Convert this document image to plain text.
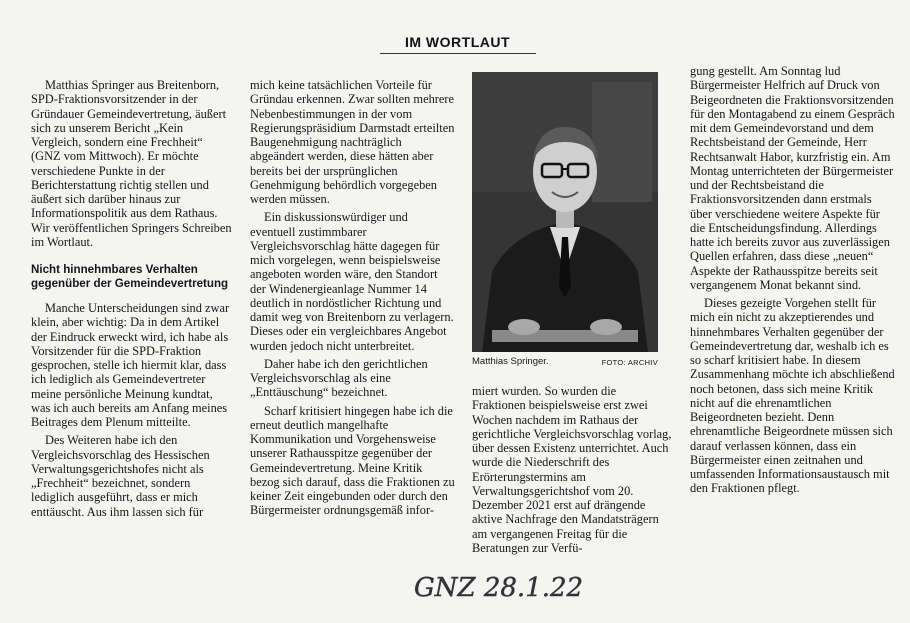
IM WORTLAUT

Matthias Springer aus Breitenborn, SPD-Fraktionsvorsitzender in der Gründauer Gemeindevertretung, äußert sich zu unserem Bericht „Kein Vergleich, sondern eine Frechheit“ (GNZ vom Mittwoch). Er möchte verschiedene Punkte in der Berichterstattung richtig stellen und äußert sich darüber hinaus zur Informationspolitik aus dem Rathaus. Wir veröffentlichen Springers Schreiben im Wortlaut.

Nicht hinnehmbares Verhalten gegenüber der Gemeindevertretung

Manche Unterscheidungen sind zwar klein, aber wichtig: Da in dem Artikel der Eindruck erweckt wird, ich habe als Vorsitzender für die SPD-Fraktion gesprochen, stelle ich hiermit klar, dass ich lediglich als Gemeindevertreter meine persönliche Meinung kundtat, was ich auch bereits am Anfang meines Beitrages dem Plenum mitteilte.

Des Weiteren habe ich den Vergleichsvorschlag des Hessischen Verwaltungsgerichtshofes nicht als „Frechheit“ bezeichnet, sondern lediglich ausgeführt, dass er mich enttäuscht. Aus ihm lassen sich für

mich keine tatsächlichen Vorteile für Gründau erkennen. Zwar sollten mehrere Nebenbestimmungen in der vom Regierungspräsidium Darmstadt erteilten Baugenehmigung nachträglich abgeändert werden, diese hätten aber bereits bei der ursprünglichen Genehmigung behördlich vorgegeben werden müssen.

Ein diskussionswürdiger und eventuell zustimmbarer Vergleichsvorschlag hätte dagegen für mich vorgelegen, wenn beispielsweise angeboten worden wäre, den Standort der Windenergieanlage Nummer 14 deutlich in nordöstlicher Richtung und damit weg von Breitenborn zu verlagern. Dieses oder ein vergleichbares Angebot wurden jedoch nicht unterbreitet.

Daher habe ich den gerichtlichen Vergleichsvorschlag als eine „Enttäuschung“ bezeichnet.

Scharf kritisiert hingegen habe ich die erneut deutlich mangelhafte Kommunikation und Vorgehensweise unserer Rathausspitze gegenüber der Gemeindevertretung. Meine Kritik bezog sich darauf, dass die Fraktionen zu keiner Zeit eingebunden oder durch den Bürgermeister ordnungsgemäß infor-

Matthias Springer.	FOTO: ARCHIV

miert wurden. So wurden die Fraktionen beispielsweise erst zwei Wochen nachdem im Rathaus der gerichtliche Vergleichsvorschlag vorlag, über dessen Existenz unterrichtet. Auch wurde die Niederschrift des Erörterungstermins am Verwaltungsgerichtshof vom 20. Dezember 2021 erst auf drängende aktive Nachfrage den Mandatsträgern am vergangenen Freitag für die Beratungen zur Verfü-

gung gestellt. Am Sonntag lud Bürgermeister Helfrich auf Druck von Beigeordneten die Fraktionsvorsitzenden für den Montagabend zu einem Gespräch mit dem Gemeindevorstand und dem Rechtsbeistand der Gemeinde, Herr Rechtsanwalt Habor, kurzfristig ein. Am Montag unterrichteten der Bürgermeister und der Rechtsbeistand die Fraktionsvorsitzenden dann erstmals über verschiedene weitere Aspekte für die Entscheidungsfindung. Allerdings hatte ich bereits zuvor aus zuverlässigen Quellen erfahren, dass diese „neuen“ Aspekte der Rathausspitze bereits seit vergangenem Monat bekannt sind.

Dieses gezeigte Vorgehen stellt für mich ein nicht zu akzeptierendes und hinnehmbares Verhalten gegenüber der Gemeindevertretung dar, weshalb ich es so scharf kritisiert habe. In diesem Zusammenhang möchte ich abschließend noch betonen, dass sich meine Kritik nicht auf die ehrenamtlichen Beigeordneten bezieht. Denn ehrenamtliche Beigeordnete müssen sich darauf verlassen können, dass ein Bürgermeister einen zeitnahen und umfassenden Informationsaustausch mit den Fraktionen pflegt.

GNZ 28.1.22
